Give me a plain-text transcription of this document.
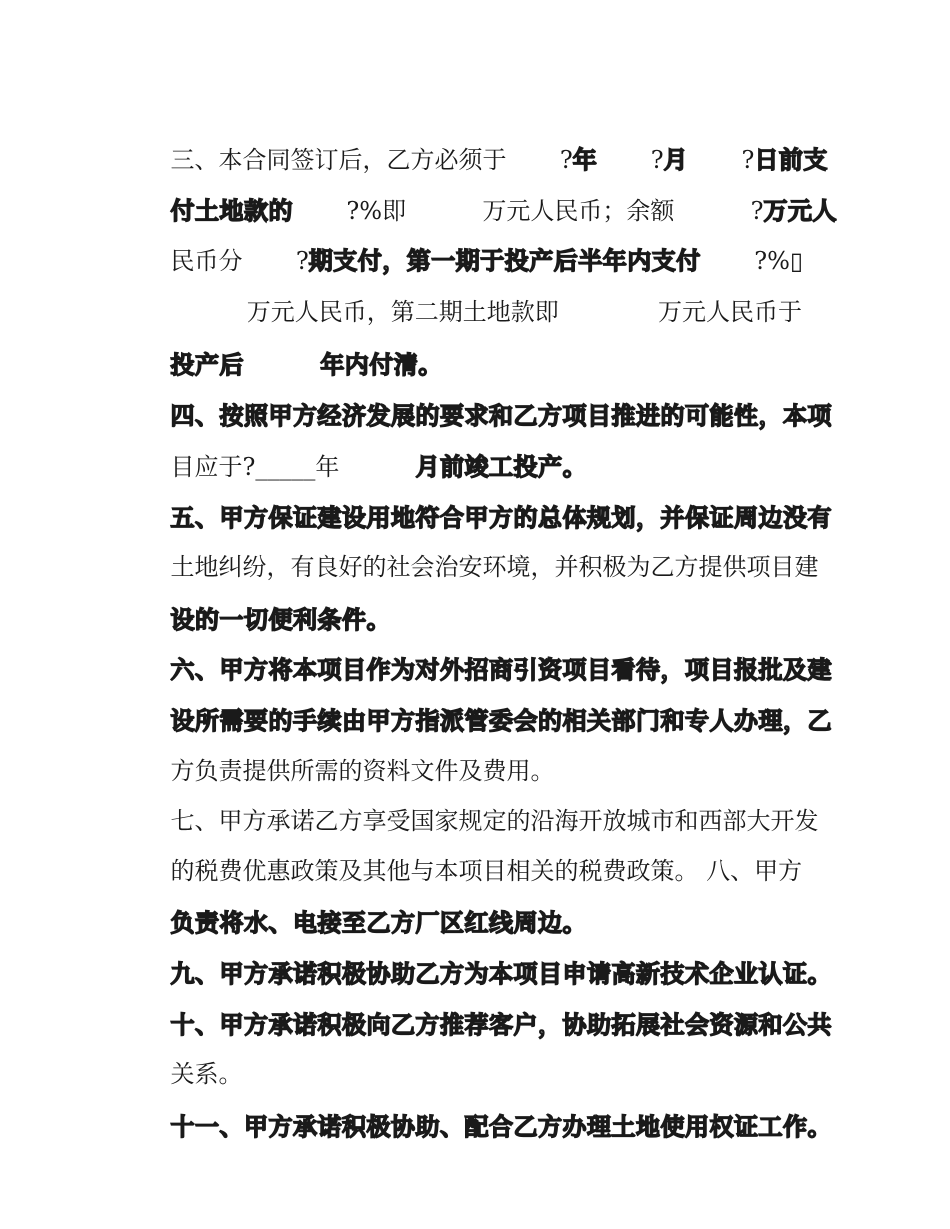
三、本合同签订后，乙方必须于       ?年       ?月       ?日前支

付土地款的       ?%即          万元人民币；余额          ?万元人

民币分       ?期支付，第一期于投产后半年内支付       ?%▯

万元人民币，第二期土地款即             万元人民币于

投产后	年内付清。

四、按照甲方经济发展的要求和乙方项目推进的可能性，本项

目应于?_____年          月前竣工投产。

五、甲方保证建设用地符合甲方的总体规划，并保证周边没有

土地纠纷，有良好的社会治安环境，并积极为乙方提供项目建

设的一切便利条件。

六、甲方将本项目作为对外招商引资项目看待，项目报批及建

设所需要的手续由甲方指派管委会的相关部门和专人办理，乙

方负责提供所需的资料文件及费用。

七、甲方承诺乙方享受国家规定的沿海开放城市和西部大开发

的税费优惠政策及其他与本项目相关的税费政策。 八、甲方

负责将水、电接至乙方厂区红线周边。

九、甲方承诺积极协助乙方为本项目申请高新技术企业认证。

十、甲方承诺积极向乙方推荐客户，协助拓展社会资源和公共

关系。

十一、甲方承诺积极协助、配合乙方办理土地使用权证工作。
